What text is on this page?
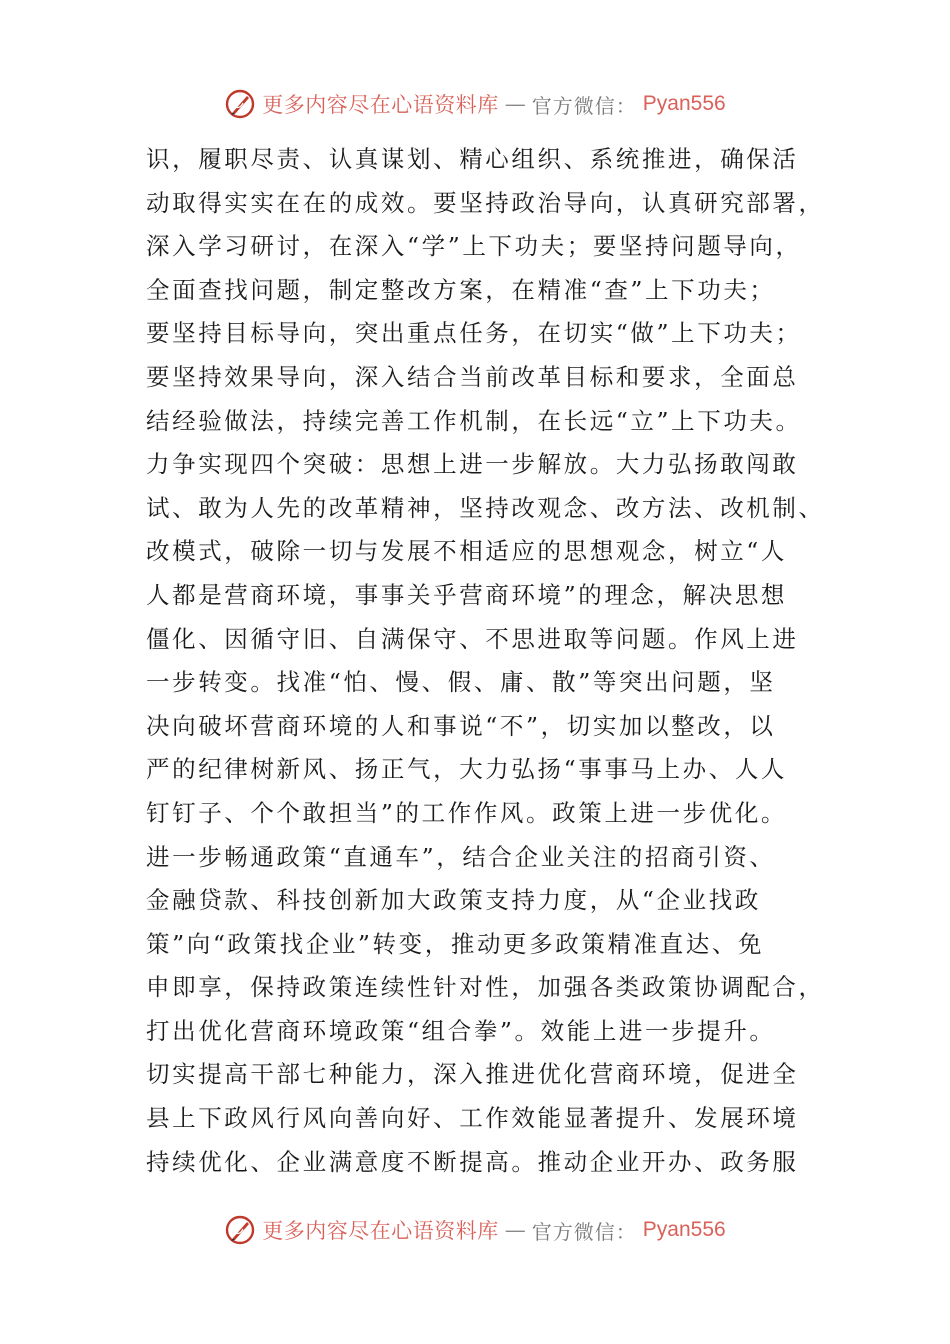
更多内容尽在心语资料库 — 官方微信： Pyan556
识，履职尽责、认真谋划、精心组织、系统推进，确保活
动取得实实在在的成效。要坚持政治导向，认真研究部署，
深入学习研讨，在深入“学”上下功夫；要坚持问题导向，
全面查找问题，制定整改方案，在精准“查”上下功夫；
要坚持目标导向，突出重点任务，在切实“做”上下功夫；
要坚持效果导向，深入结合当前改革目标和要求，全面总
结经验做法，持续完善工作机制，在长远“立”上下功夫。
力争实现四个突破：思想上进一步解放。大力弘扬敢闯敢
试、敢为人先的改革精神，坚持改观念、改方法、改机制、
改模式，破除一切与发展不相适应的思想观念，树立“人
人都是营商环境，事事关乎营商环境”的理念，解决思想
僵化、因循守旧、自满保守、不思进取等问题。作风上进
一步转变。找准“怕、慢、假、庸、散”等突出问题，坚
决向破坏营商环境的人和事说“不”，切实加以整改，以
严的纪律树新风、扬正气，大力弘扬“事事马上办、人人
钉钉子、个个敢担当”的工作作风。政策上进一步优化。
进一步畅通政策“直通车”，结合企业关注的招商引资、
金融贷款、科技创新加大政策支持力度，从“企业找政
策”向“政策找企业”转变，推动更多政策精准直达、免
申即享，保持政策连续性针对性，加强各类政策协调配合，
打出优化营商环境政策“组合拳”。效能上进一步提升。
切实提高干部七种能力，深入推进优化营商环境，促进全
县上下政风行风向善向好、工作效能显著提升、发展环境
持续优化、企业满意度不断提高。推动企业开办、政务服
更多内容尽在心语资料库 — 官方微信： Pyan556
